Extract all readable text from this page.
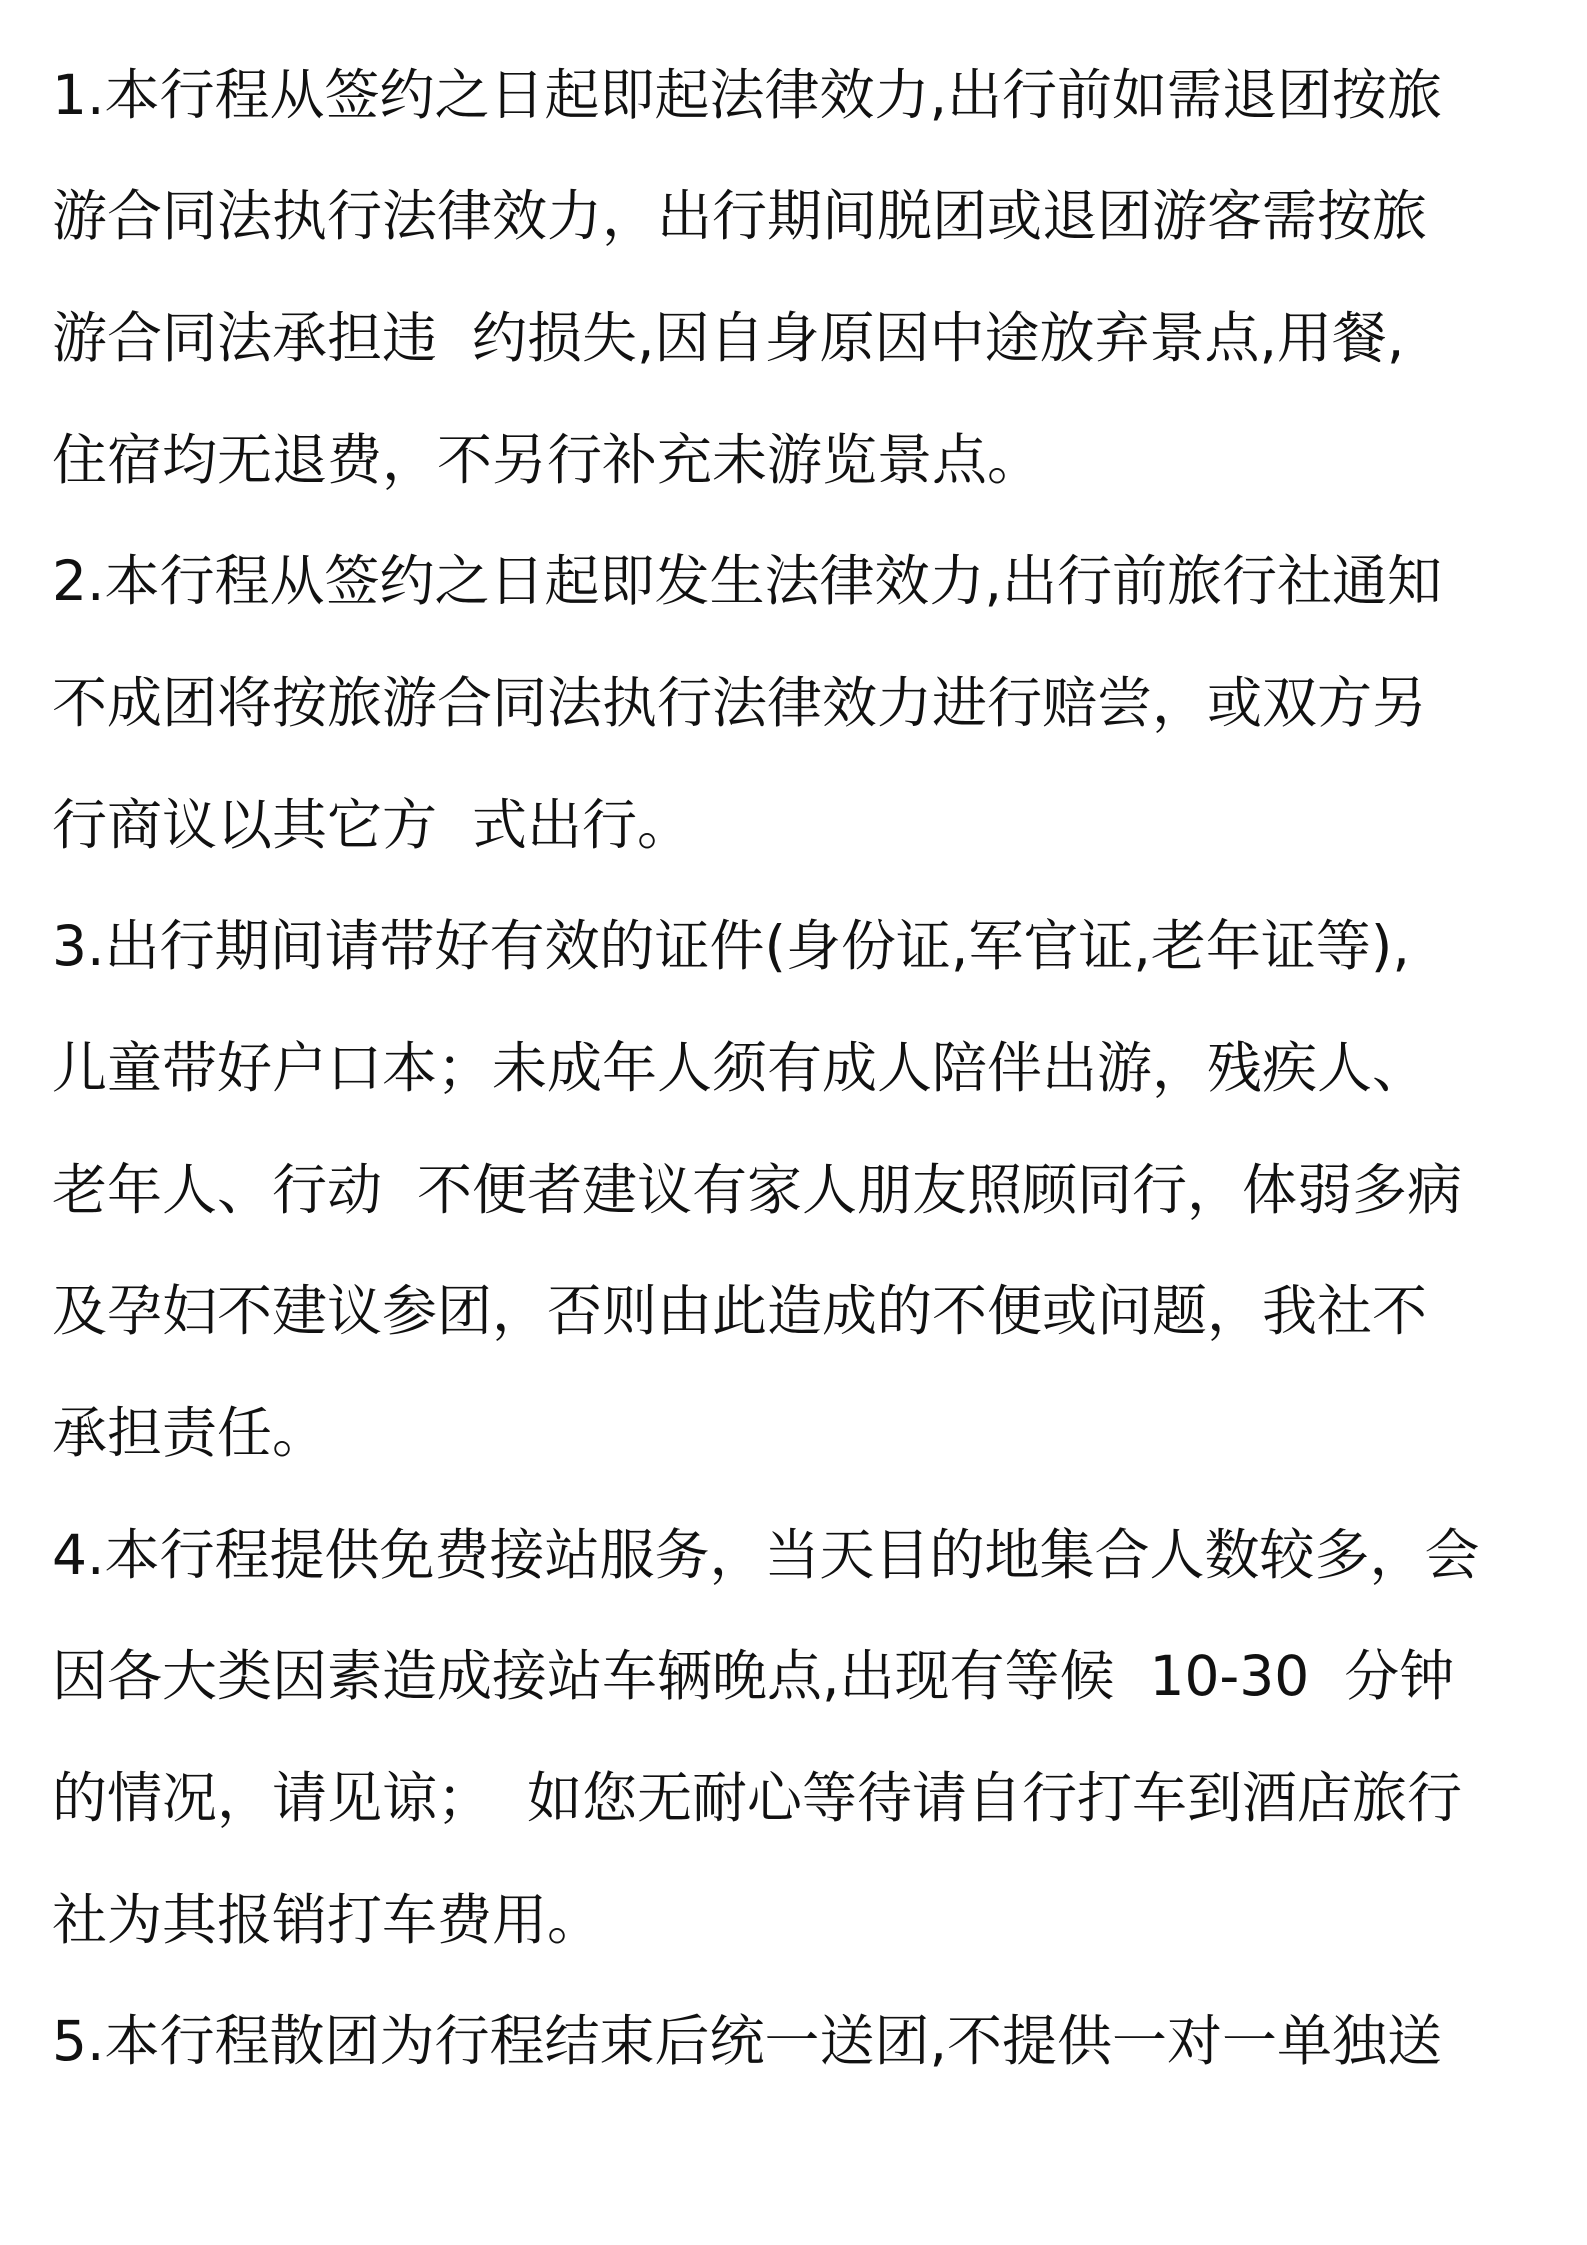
1.本行程从签约之日起即起法律效力,出行前如需退团按旅
游合同法执行法律效力，出行期间脱团或退团游客需按旅
游合同法承担违  约损失,因自身原因中途放弃景点,用餐,
住宿均无退费，不另行补充未游览景点。
2.本行程从签约之日起即发生法律效力,出行前旅行社通知
不成团将按旅游合同法执行法律效力进行赔尝，或双方另
行商议以其它方  式出行。
3.出行期间请带好有效的证件(身份证,军官证,老年证等),
儿童带好户口本；未成年人须有成人陪伴出游，残疾人、
老年人、行动  不便者建议有家人朋友照顾同行，体弱多病
及孕妇不建议参团，否则由此造成的不便或问题，我社不
承担责任。
4.本行程提供免费接站服务，当天目的地集合人数较多，会
因各大类因素造成接站车辆晚点,出现有等候  10-30  分钟
的情况，请见谅；  如您无耐心等待请自行打车到酒店旅行
社为其报销打车费用。
5.本行程散团为行程结束后统一送团,不提供一对一单独送
